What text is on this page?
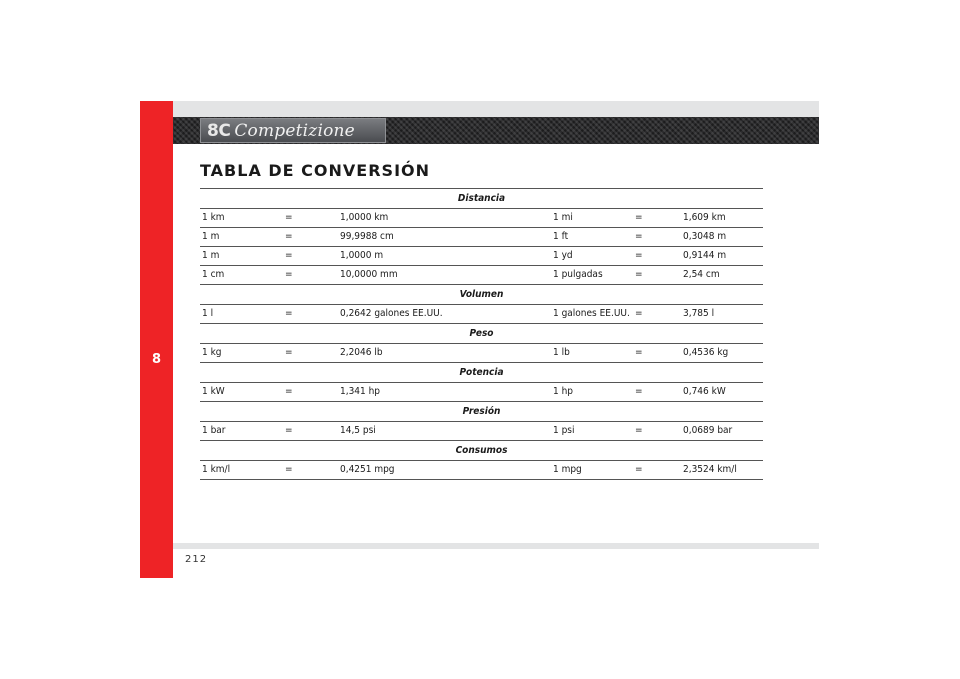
8
8C Competizione
TABLA DE CONVERSIÓN
Distancia
1 km	=	1,0000 km	1 mi	=	1,609 km
1 m	=	99,9988 cm	1 ft	=	0,3048 m
1 m	=	1,0000 m	1 yd	=	0,9144 m
1 cm	=	10,0000 mm	1 pulgadas	=	2,54 cm
Volumen
1 l	=	0,2642 galones EE.UU.	1 galones EE.UU. =	3,785 l
Peso
1 kg	=	2,2046 lb	1 lb	=	0,4536 kg
Potencia
1 kW	=	1,341 hp	1 hp	=	0,746 kW
Presión
1 bar	=	14,5 psi	1 psi	=	0,0689 bar
Consumos
1 km/l	=	0,4251 mpg	1 mpg	=	2,3524 km/l
212
